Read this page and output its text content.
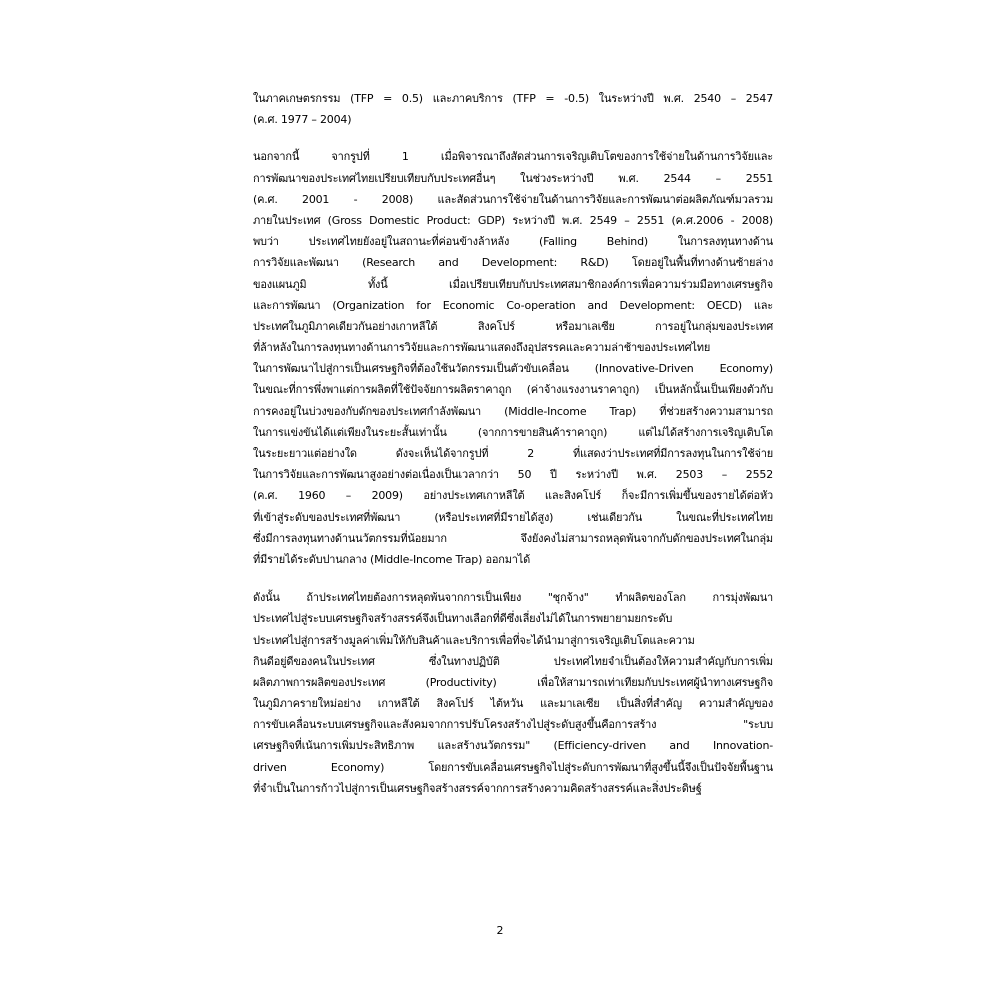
ในภาคเกษตรกรรม (TFP = 0.5) และภาคบริการ (TFP = -0.5) ในระหว่างปี พ.ศ. 2540 – 2547
(ค.ศ. 1977 – 2004)
นอกจากนี้ จากรูปที่ 1 เมื่อพิจารณาถึงสัดส่วนการเจริญเติบโตของการใช้จ่ายในด้านการวิจัยและ
การพัฒนาของประเทศไทยเปรียบเทียบกับประเทศอื่นๆ ในช่วงระหว่างปี พ.ศ. 2544 – 2551
(ค.ศ. 2001 - 2008) และสัดส่วนการใช้จ่ายในด้านการวิจัยและการพัฒนาต่อผลิตภัณฑ์มวลรวม
ภายในประเทศ (Gross Domestic Product: GDP) ระหว่างปี พ.ศ. 2549 – 2551 (ค.ศ.2006 - 2008)
พบว่า ประเทศไทยยังอยู่ในสถานะที่ค่อนข้างล้าหลัง (Falling Behind) ในการลงทุนทางด้าน
การวิจัยและพัฒนา (Research and Development: R&D) โดยอยู่ในพื้นที่ทางด้านซ้ายล่าง
ของแผนภูมิ ทั้งนี้ เมื่อเปรียบเทียบกับประเทศสมาชิกองค์การเพื่อความร่วมมือทางเศรษฐกิจ
และการพัฒนา (Organization for Economic Co-operation and Development: OECD) และ
ประเทศในภูมิภาคเดียวกันอย่างเกาหลีใต้ สิงคโปร์ หรือมาเลเซีย การอยู่ในกลุ่มของประเทศ
ที่ล้าหลังในการลงทุนทางด้านการวิจัยและการพัฒนาแสดงถึงอุปสรรคและความล่าช้าของประเทศไทย
ในการพัฒนาไปสู่การเป็นเศรษฐกิจที่ต้องใช้นวัตกรรมเป็นตัวขับเคลื่อน (Innovative-Driven Economy)
ในขณะที่การพึ่งพาแต่การผลิตที่ใช้ปัจจัยการผลิตราคาถูก (ค่าจ้างแรงงานราคาถูก) เป็นหลักนั้นเป็นเพียงตัวกับ
การคงอยู่ในบ่วงของกับดักของประเทศกำลังพัฒนา (Middle-Income Trap) ที่ช่วยสร้างความสามารถ
ในการแข่งขันได้แต่เพียงในระยะสั้นเท่านั้น (จากการขายสินค้าราคาถูก) แต่ไม่ได้สร้างการเจริญเติบโต
ในระยะยาวแต่อย่างใด ดังจะเห็นได้จากรูปที่ 2 ที่แสดงว่าประเทศที่มีการลงทุนในการใช้จ่าย
ในการวิจัยและการพัฒนาสูงอย่างต่อเนื่องเป็นเวลากว่า 50 ปี ระหว่างปี พ.ศ. 2503 – 2552
(ค.ศ. 1960 – 2009) อย่างประเทศเกาหลีใต้ และสิงคโปร์ ก็จะมีการเพิ่มขึ้นของรายได้ต่อหัว
ที่เข้าสู่ระดับของประเทศที่พัฒนา (หรือประเทศที่มีรายได้สูง) เช่นเดียวกัน ในขณะที่ประเทศไทย
ซึ่งมีการลงทุนทางด้านนวัตกรรมที่น้อยมาก จึงยังคงไม่สามารถหลุดพ้นจากกับดักของประเทศในกลุ่ม
ที่มีรายได้ระดับปานกลาง (Middle-Income Trap) ออกมาได้
ดังนั้น ถ้าประเทศไทยต้องการหลุดพ้นจากการเป็นเพียง "ชุกจ้าง" ทำผลิตของโลก การมุ่งพัฒนา
ประเทศไปสู่ระบบเศรษฐกิจสร้างสรรค์จึงเป็นทางเลือกที่ดีซึ่งเลี่ยงไม่ได้ในการพยายามยกระดับ
ประเทศไปสู่การสร้างมูลค่าเพิ่มให้กับสินค้าและบริการเพื่อที่จะได้นำมาสู่การเจริญเติบโตและความ
กินดีอยู่ดีของคนในประเทศ ซึ่งในทางปฏิบัติ ประเทศไทยจำเป็นต้องให้ความสำคัญกับการเพิ่ม
ผลิตภาพการผลิตของประเทศ (Productivity) เพื่อให้สามารถเท่าเทียมกับประเทศผู้นำทางเศรษฐกิจ
ในภูมิภาครายใหม่อย่าง เกาหลีใต้ สิงคโปร์ ไต้หวัน และมาเลเซีย เป็นสิ่งที่สำคัญ ความสำคัญของ
การขับเคลื่อนระบบเศรษฐกิจและสังคมจากการปรับโครงสร้างไปสู่ระดับสูงขึ้นคือการสร้าง "ระบบ
เศรษฐกิจที่เน้นการเพิ่มประสิทธิภาพ และสร้างนวัตกรรม" (Efficiency-driven and Innovation-
driven Economy) โดยการขับเคลื่อนเศรษฐกิจไปสู่ระดับการพัฒนาที่สูงขึ้นนี้จึงเป็นปัจจัยพื้นฐาน
ที่จำเป็นในการก้าวไปสู่การเป็นเศรษฐกิจสร้างสรรค์จากการสร้างความคิดสร้างสรรค์และสิ่งประดิษฐ์
2
